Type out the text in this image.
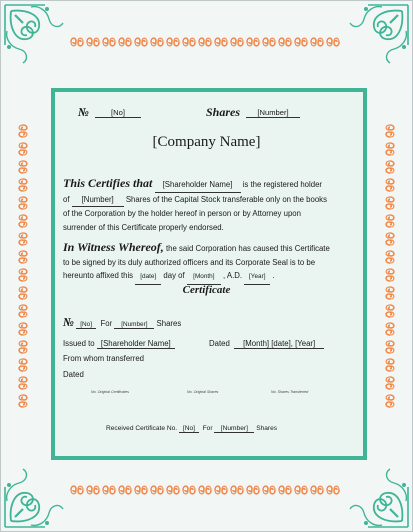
№	[No]	Shares	[Number]
[Company Name]
This Certifies that [Shareholder Name] is the registered holder
of [Number] Shares of the Capital Stock transferable only on the books
of the Corporation by the holder hereof in person or by Attorney upon
surrender of this Certificate properly endorsed.
In Witness Whereof, the said Corporation has caused this Certificate
to be signed by its duly authorized officers and its Corporate Seal is to be
hereunto affixed this [date] day of [Month] , A.D. [Year] .
Certificate
№ [No] For [Number] Shares
Issued to [Shareholder Name]	Dated [Month] [date], [Year]
From whom transferred
Dated
No. Original Certificates	No. Original Shares	No. Shares Transferred
Received Certificate No. [No] For [Number] Shares
